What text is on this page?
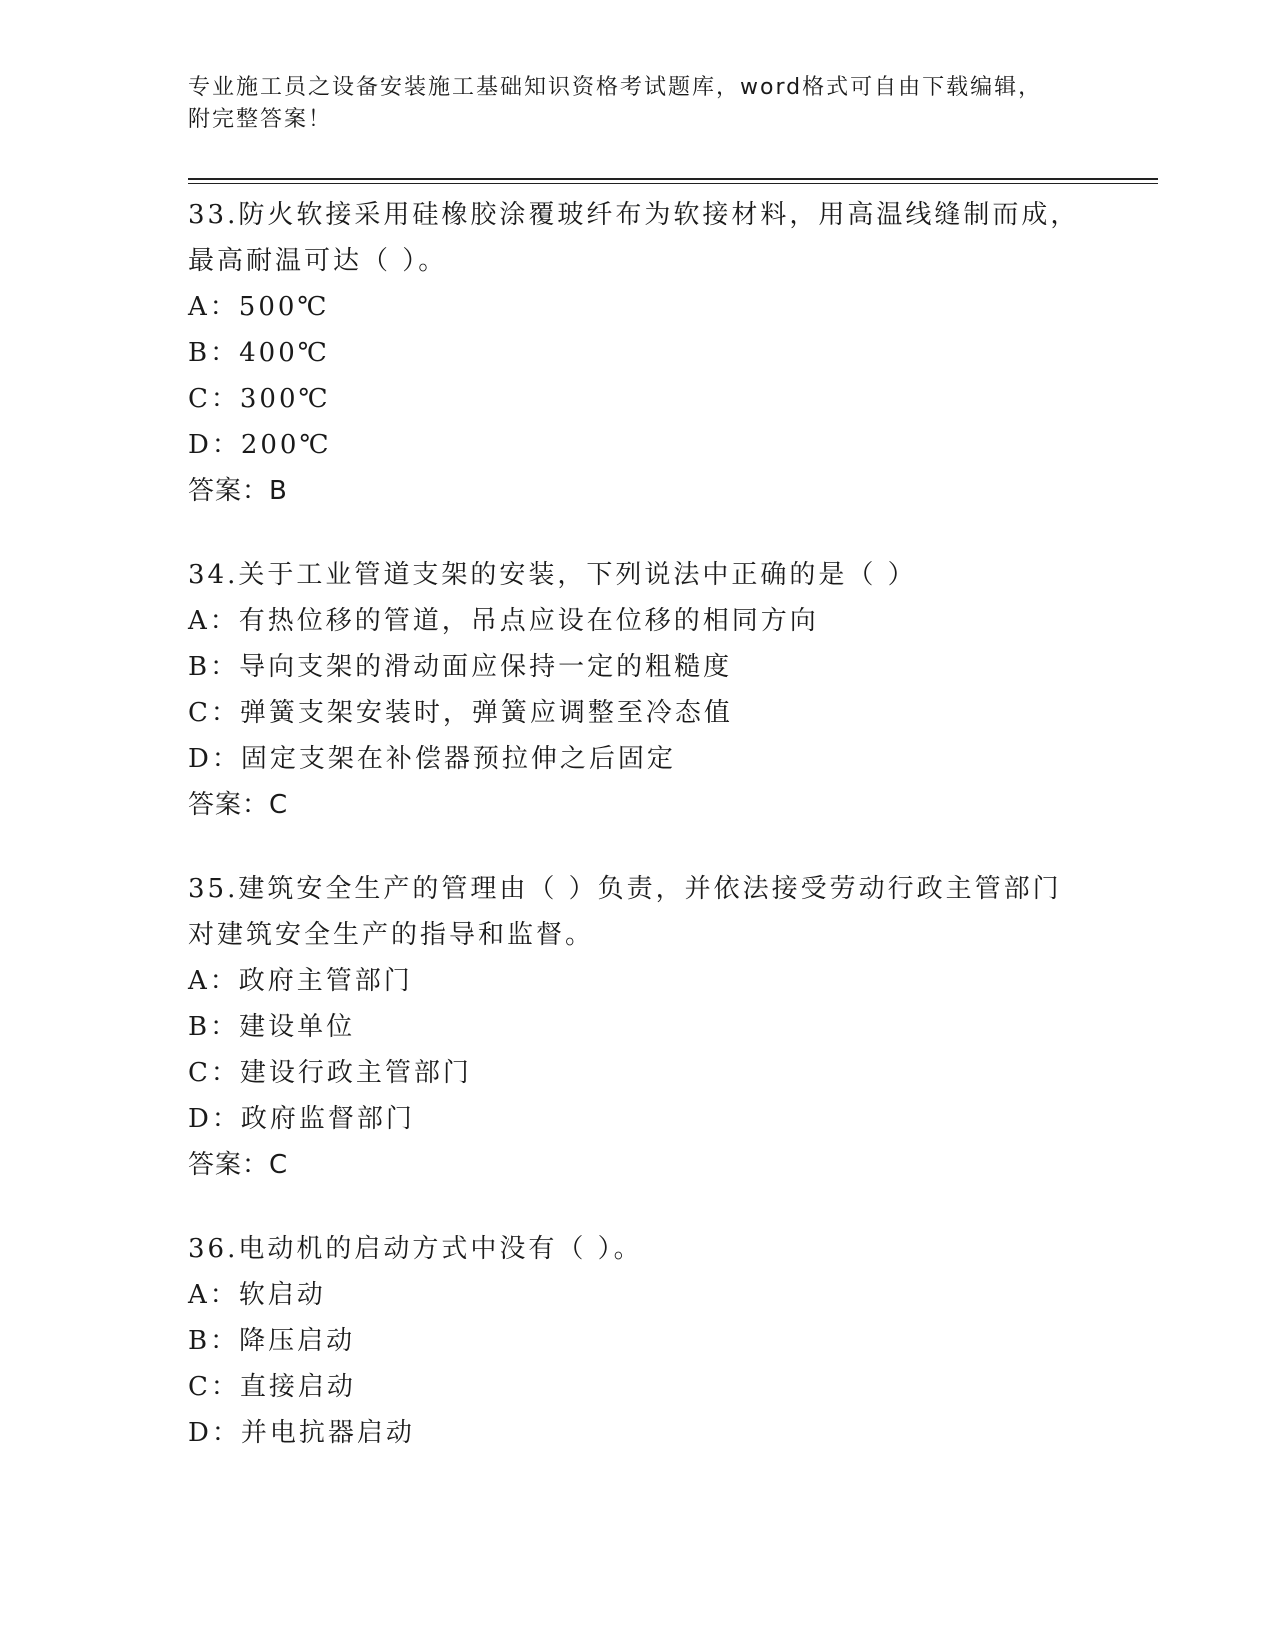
专业施工员之设备安装施工基础知识资格考试题库，word格式可自由下载编辑，
附完整答案！

33.防火软接采用硅橡胶涂覆玻纤布为软接材料，用高温线缝制而成，最高耐温可达（ ）。

A：500℃

B：400℃

C：300℃

D：200℃

答案：B

34.关于工业管道支架的安装，下列说法中正确的是（ ）

A：有热位移的管道，吊点应设在位移的相同方向

B：导向支架的滑动面应保持一定的粗糙度

C：弹簧支架安装时，弹簧应调整至冷态值

D：固定支架在补偿器预拉伸之后固定

答案：C

35.建筑安全生产的管理由（ ）负责，并依法接受劳动行政主管部门对建筑安全生产的指导和监督。

A：政府主管部门

B：建设单位

C：建设行政主管部门

D：政府监督部门

答案：C

36.电动机的启动方式中没有（ ）。

A：软启动

B：降压启动

C：直接启动

D：并电抗器启动
